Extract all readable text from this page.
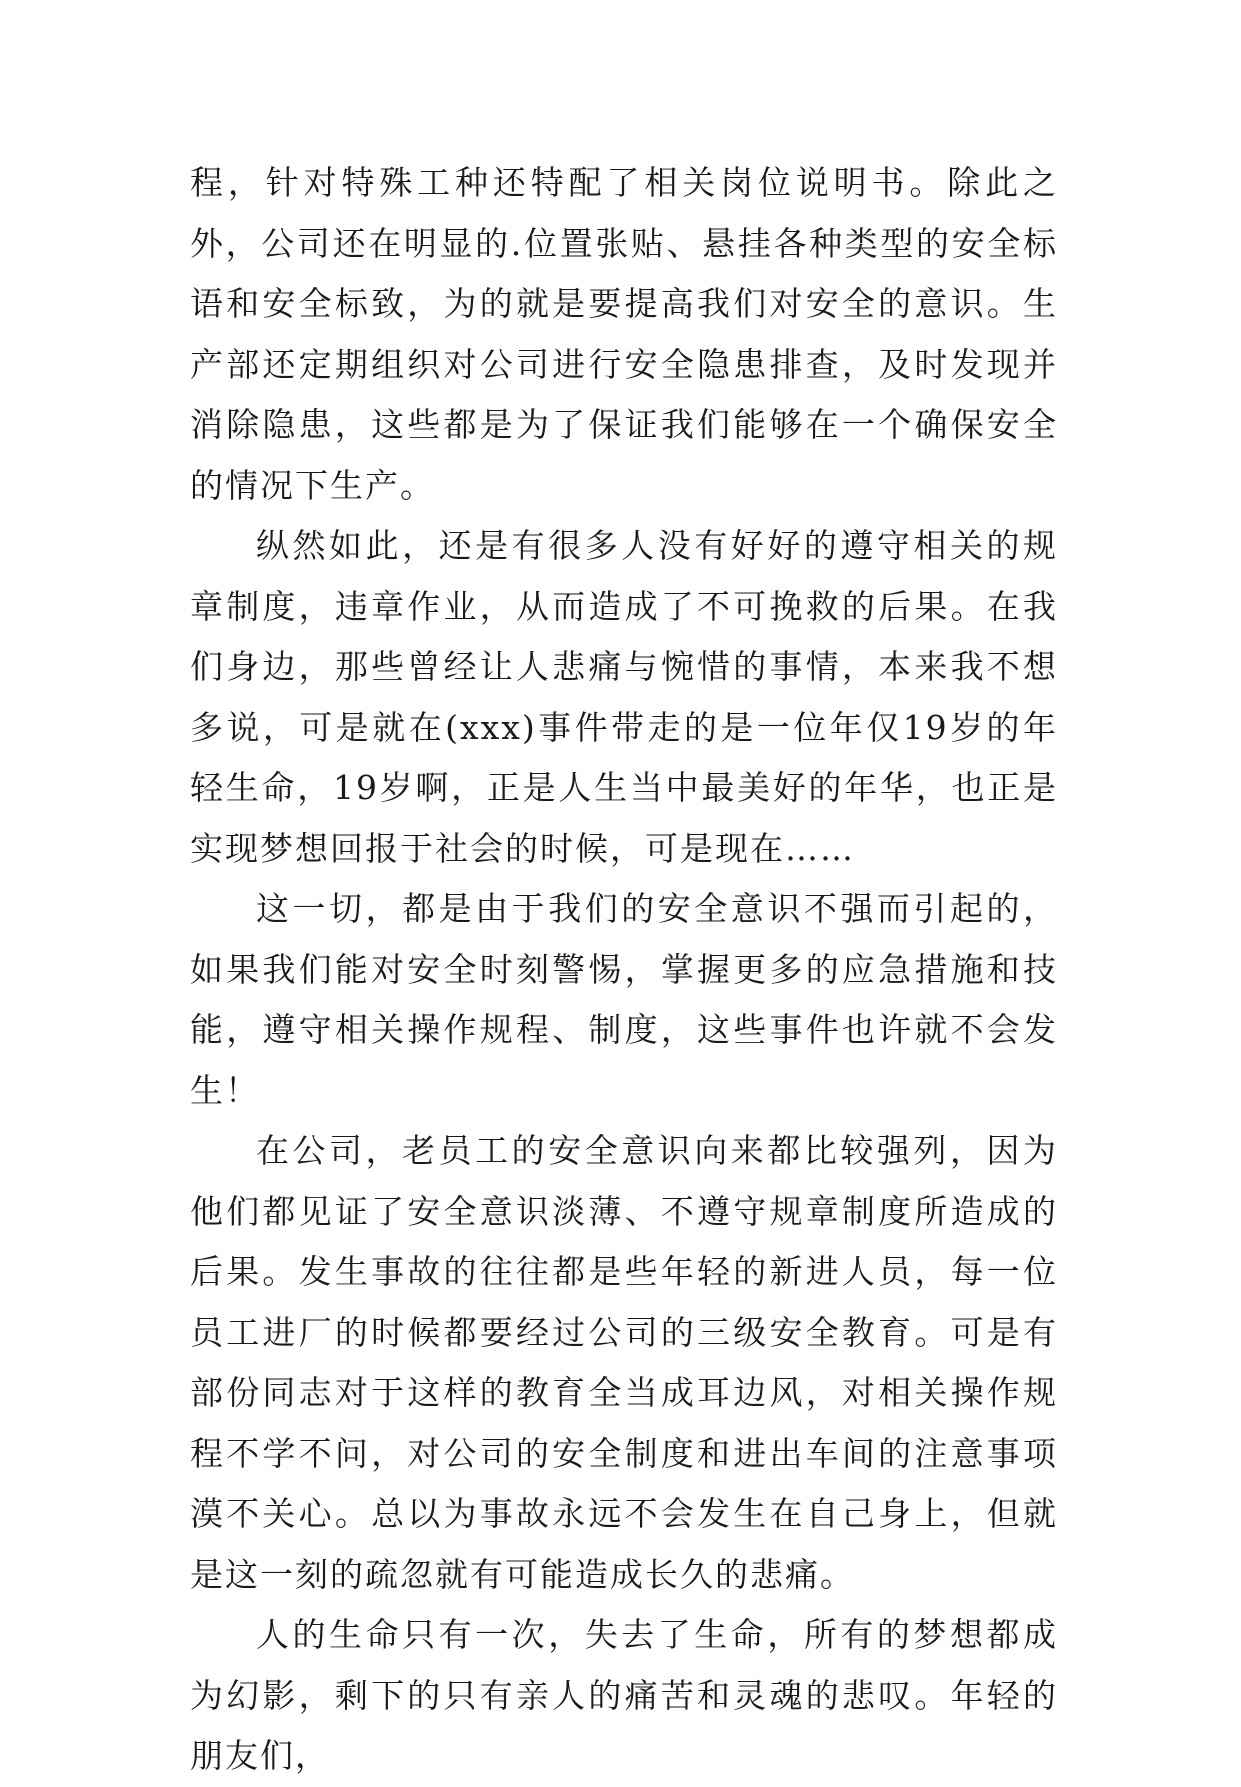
程，针对特殊工种还特配了相关岗位说明书。除此之外，公司还在明显的.位置张贴、悬挂各种类型的安全标语和安全标致，为的就是要提高我们对安全的意识。生产部还定期组织对公司进行安全隐患排查，及时发现并消除隐患，这些都是为了保证我们能够在一个确保安全的情况下生产。

纵然如此，还是有很多人没有好好的遵守相关的规章制度，违章作业，从而造成了不可挽救的后果。在我们身边，那些曾经让人悲痛与惋惜的事情，本来我不想多说，可是就在(xxx)事件带走的是一位年仅19岁的年轻生命，19岁啊，正是人生当中最美好的年华，也正是实现梦想回报于社会的时候，可是现在……

这一切，都是由于我们的安全意识不强而引起的，如果我们能对安全时刻警惕，掌握更多的应急措施和技能，遵守相关操作规程、制度，这些事件也许就不会发生！

在公司，老员工的安全意识向来都比较强列，因为他们都见证了安全意识淡薄、不遵守规章制度所造成的后果。发生事故的往往都是些年轻的新进人员，每一位员工进厂的时候都要经过公司的三级安全教育。可是有部份同志对于这样的教育全当成耳边风，对相关操作规程不学不问，对公司的安全制度和进出车间的注意事项漠不关心。总以为事故永远不会发生在自己身上，但就是这一刻的疏忽就有可能造成长久的悲痛。

人的生命只有一次，失去了生命，所有的梦想都成为幻影，剩下的只有亲人的痛苦和灵魂的悲叹。年轻的朋友们，
